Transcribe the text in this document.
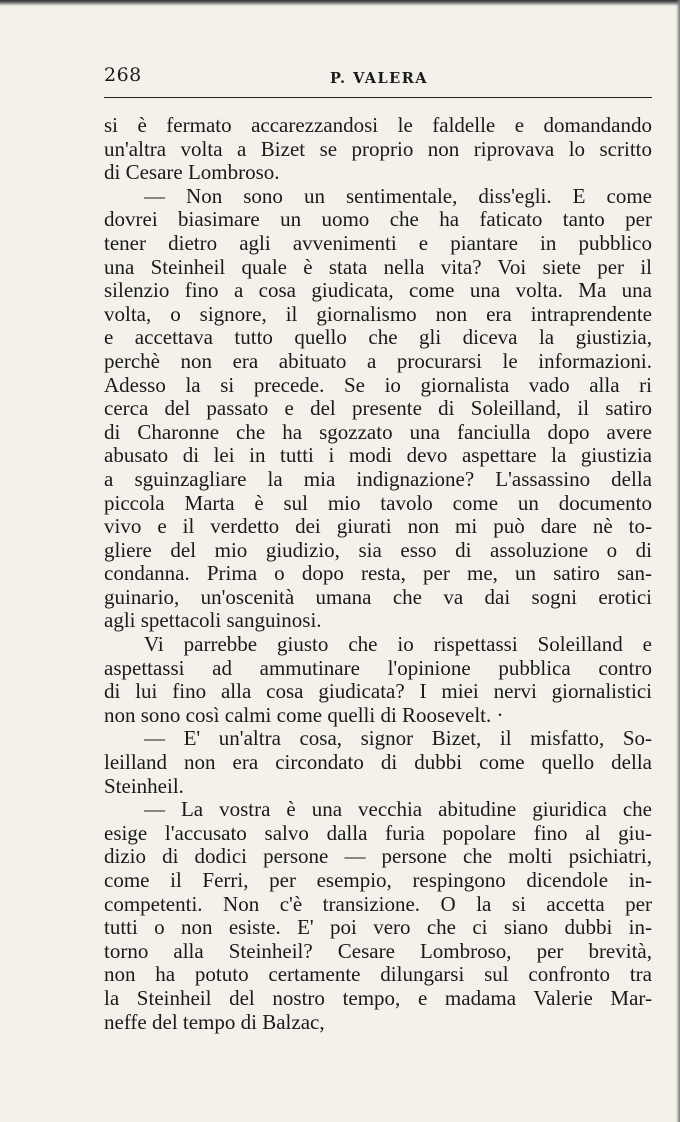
268	P. VALERA
si è fermato accarezzandosi le faldelle e domandando
un'altra volta a Bizet se proprio non riprovava lo scritto
di Cesare Lombroso.
— Non sono un sentimentale, diss'egli. E come
dovrei biasimare un uomo che ha faticato tanto per
tener dietro agli avvenimenti e piantare in pubblico
una Steinheil quale è stata nella vita? Voi siete per il
silenzio fino a cosa giudicata, come una volta. Ma una
volta, o signore, il giornalismo non era intraprendente
e accettava tutto quello che gli diceva la giustizia,
perchè non era abituato a procurarsi le informazioni.
Adesso la si precede. Se io giornalista vado alla ri
cerca del passato e del presente di Soleilland, il satiro
di Charonne che ha sgozzato una fanciulla dopo avere
abusato di lei in tutti i modi devo aspettare la giustizia
a sguinzagliare la mia indignazione? L'assassino della
piccola Marta è sul mio tavolo come un documento
vivo e il verdetto dei giurati non mi può dare nè to-
gliere del mio giudizio, sia esso di assoluzione o di
condanna. Prima o dopo resta, per me, un satiro san-
guinario, un'oscenità umana che va dai sogni erotici
agli spettacoli sanguinosi.
Vi parrebbe giusto che io rispettassi Soleilland e
aspettassi ad ammutinare l'opinione pubblica contro
di lui fino alla cosa giudicata? I miei nervi giornalistici
non sono così calmi come quelli di Roosevelt. ·
— E' un'altra cosa, signor Bizet, il misfatto, So-
leilland non era circondato di dubbi come quello della
Steinheil.
— La vostra è una vecchia abitudine giuridica che
esige l'accusato salvo dalla furia popolare fino al giu-
dizio di dodici persone — persone che molti psichiatri,
come il Ferri, per esempio, respingono dicendole in-
competenti. Non c'è transizione. O la si accetta per
tutti o non esiste. E' poi vero che ci siano dubbi in-
torno alla Steinheil? Cesare Lombroso, per brevità,
non ha potuto certamente dilungarsi sul confronto tra
la Steinheil del nostro tempo, e madama Valerie Mar-
neffe del tempo di Balzac,
